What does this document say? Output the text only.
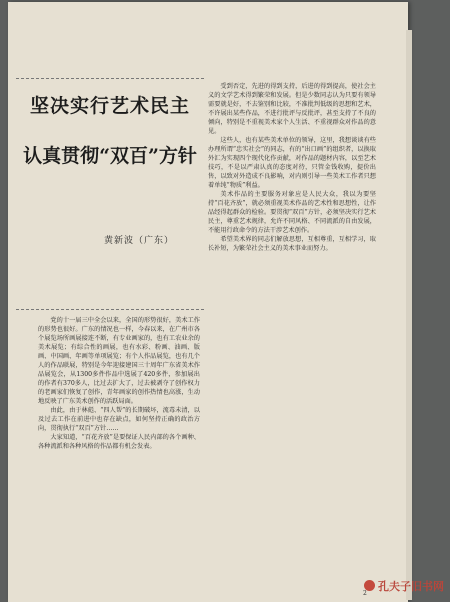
坚决实行艺术民主
认真贯彻“双百”方针
黄新波（广东）

党的十一届三中全会以来，全国的形势很好，美术工作的形势也很好。广东的情况也一样，今春以来，在广州市各个展览场所画展接连不断，有专业画家的，也有工农业余的美术展览；有综合性的画展，也有水彩、粉画、油画、版画、中国画、年画等单项展览；有个人作品展览，也有几个人的作品联展，特别是今年迎接建国三十周年广东省美术作品展览会，从1300多件作品中选展了420多件，参加展出的作者有370多人，比过去扩大了，过去被剥夺了创作权力的老画家们恢复了创作，青年画家的创作热情也高涨，生动地反映了广东美术创作的活跃局面。

由此，由于林彪、“四人帮”的长期破坏，流毒未清，以及过去工作在前进中也存在缺点，如何坚持正确的政治方向，贯彻执行“双百”方针……

大家知道，“百花齐放”是要保证人民内部的各个画种、各种流派和各种风格的作品都有机会发表。

受到否定，先进的得到支持，后进的得到提高，使社会主义的文学艺术得到繁荣和发展。但是少数同志认为只要有领导需要就是好，不去鉴别和比较，不准批判低级的思想和艺术，不许展出某些作品，不进行批评与反批评，甚至支持了不良的倾向，特别是不重视美术家个人生活、不重视群众对作品的意见。

这些人，也有某些美术单位的领导，这里，我想谈谈有些办理所谓“忠实社会”的同志，有的“出口画”的组织者，以换取外汇为实现四个现代化作贡献，对作品的题材内容，以至艺术技巧，不是以严肃认真的态度对待，只管金钱收购，提价出售，以致对外造成不良影响，对内则引导一些美术工作者只想着单纯“物质”利益。

美术作品的主要服务对象应是人民大众，我以为要坚持“百花齐放”，就必须重视美术作品的艺术性和思想性，让作品经得起群众的检验。要贯彻“双百”方针，必须坚决实行艺术民主，尊重艺术规律，允许不同风格、不同流派的自由发展，不能用行政命令的方法干涉艺术创作。

希望美术界的同志们解放思想，互相尊重，互相学习，取长补短，为繁荣社会主义的美术事业而努力。

2
孔夫子旧书网
